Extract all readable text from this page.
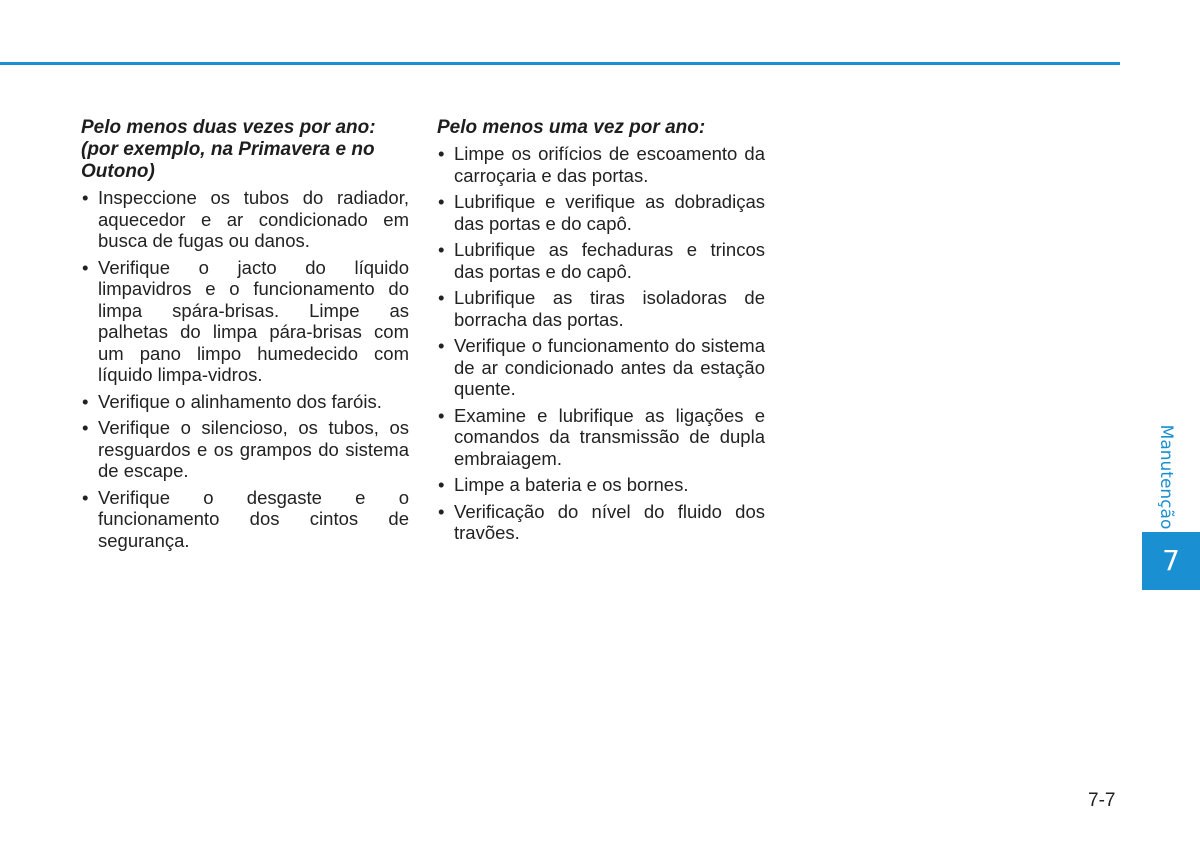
Pelo menos duas vezes por ano: (por exemplo, na Primavera e no Outono)

• Inspeccione os tubos do radiador, aquecedor e ar condicionado em busca de fugas ou danos.
• Verifique o jacto do líquido limpavidros e o funcionamento do limpa spára-brisas. Limpe as palhetas do limpa pára-brisas com um pano limpo humedecido com líquido limpa-vidros.
• Verifique o alinhamento dos faróis.
• Verifique o silencioso, os tubos, os resguardos e os grampos do sistema de escape.
• Verifique o desgaste e o funcionamento dos cintos de segurança.

Pelo menos uma vez por ano:

• Limpe os orifícios de escoamento da carroçaria e das portas.
• Lubrifique e verifique as dobradiças das portas e do capô.
• Lubrifique as fechaduras e trincos das portas e do capô.
• Lubrifique as tiras isoladoras de borracha das portas.
• Verifique o funcionamento do sistema de ar condicionado antes da estação quente.
• Examine e lubrifique as ligações e comandos da transmissão de dupla embraiagem.
• Limpe a bateria e os bornes.
• Verificação do nível do fluido dos travões.
Manutenção
7
7-7
